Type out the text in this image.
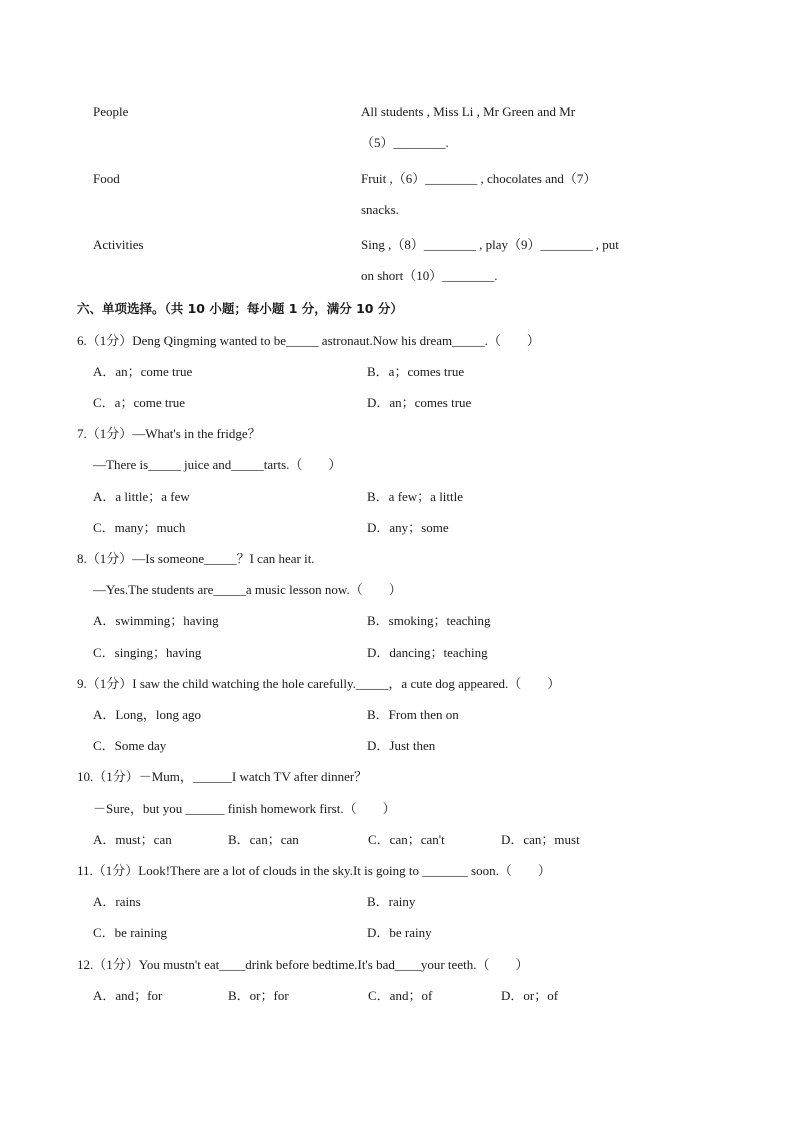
People	All students , Miss Li , Mr Green and Mr
（5）________.
Food	Fruit ,（6）________ , chocolates and（7）
snacks.
Activities	Sing ,（8）________ , play（9）________ , put
on short（10）________.
六、单项选择。（共 10 小题；每小题 1 分，满分 10 分）
6.（1分）Deng Qingming wanted to be_____ astronaut.Now his dream_____.（　　）
A．an；come true	B．a；comes true
C．a；come true	D．an；comes true
7.（1分）—What's in the fridge？
—There is_____ juice and_____tarts.（　　）
A．a little；a few	B．a few；a little
C．many；much	D．any；some
8.（1分）—Is someone_____？I can hear it.
—Yes.The students are_____a music lesson now.（　　）
A．swimming；having	B．smoking；teaching
C．singing；having	D．dancing；teaching
9.（1分）I saw the child watching the hole carefully._____，a cute dog appeared.（　　）
A．Long，long ago	B．From then on
C．Some day	D．Just then
10.（1分）－Mum，______I watch TV after dinner？
－Sure，but you ______ finish homework first.（　　）
A．must；can	B．can；can	C．can；can't	D．can；must
11.（1分）Look!There are a lot of clouds in the sky.It is going to _______ soon.（　　）
A．rains	B．rainy
C．be raining	D．be rainy
12.（1分）You mustn't eat____drink before bedtime.It's bad____your teeth.（　　）
A．and；for	B．or；for	C．and；of	D．or；of
